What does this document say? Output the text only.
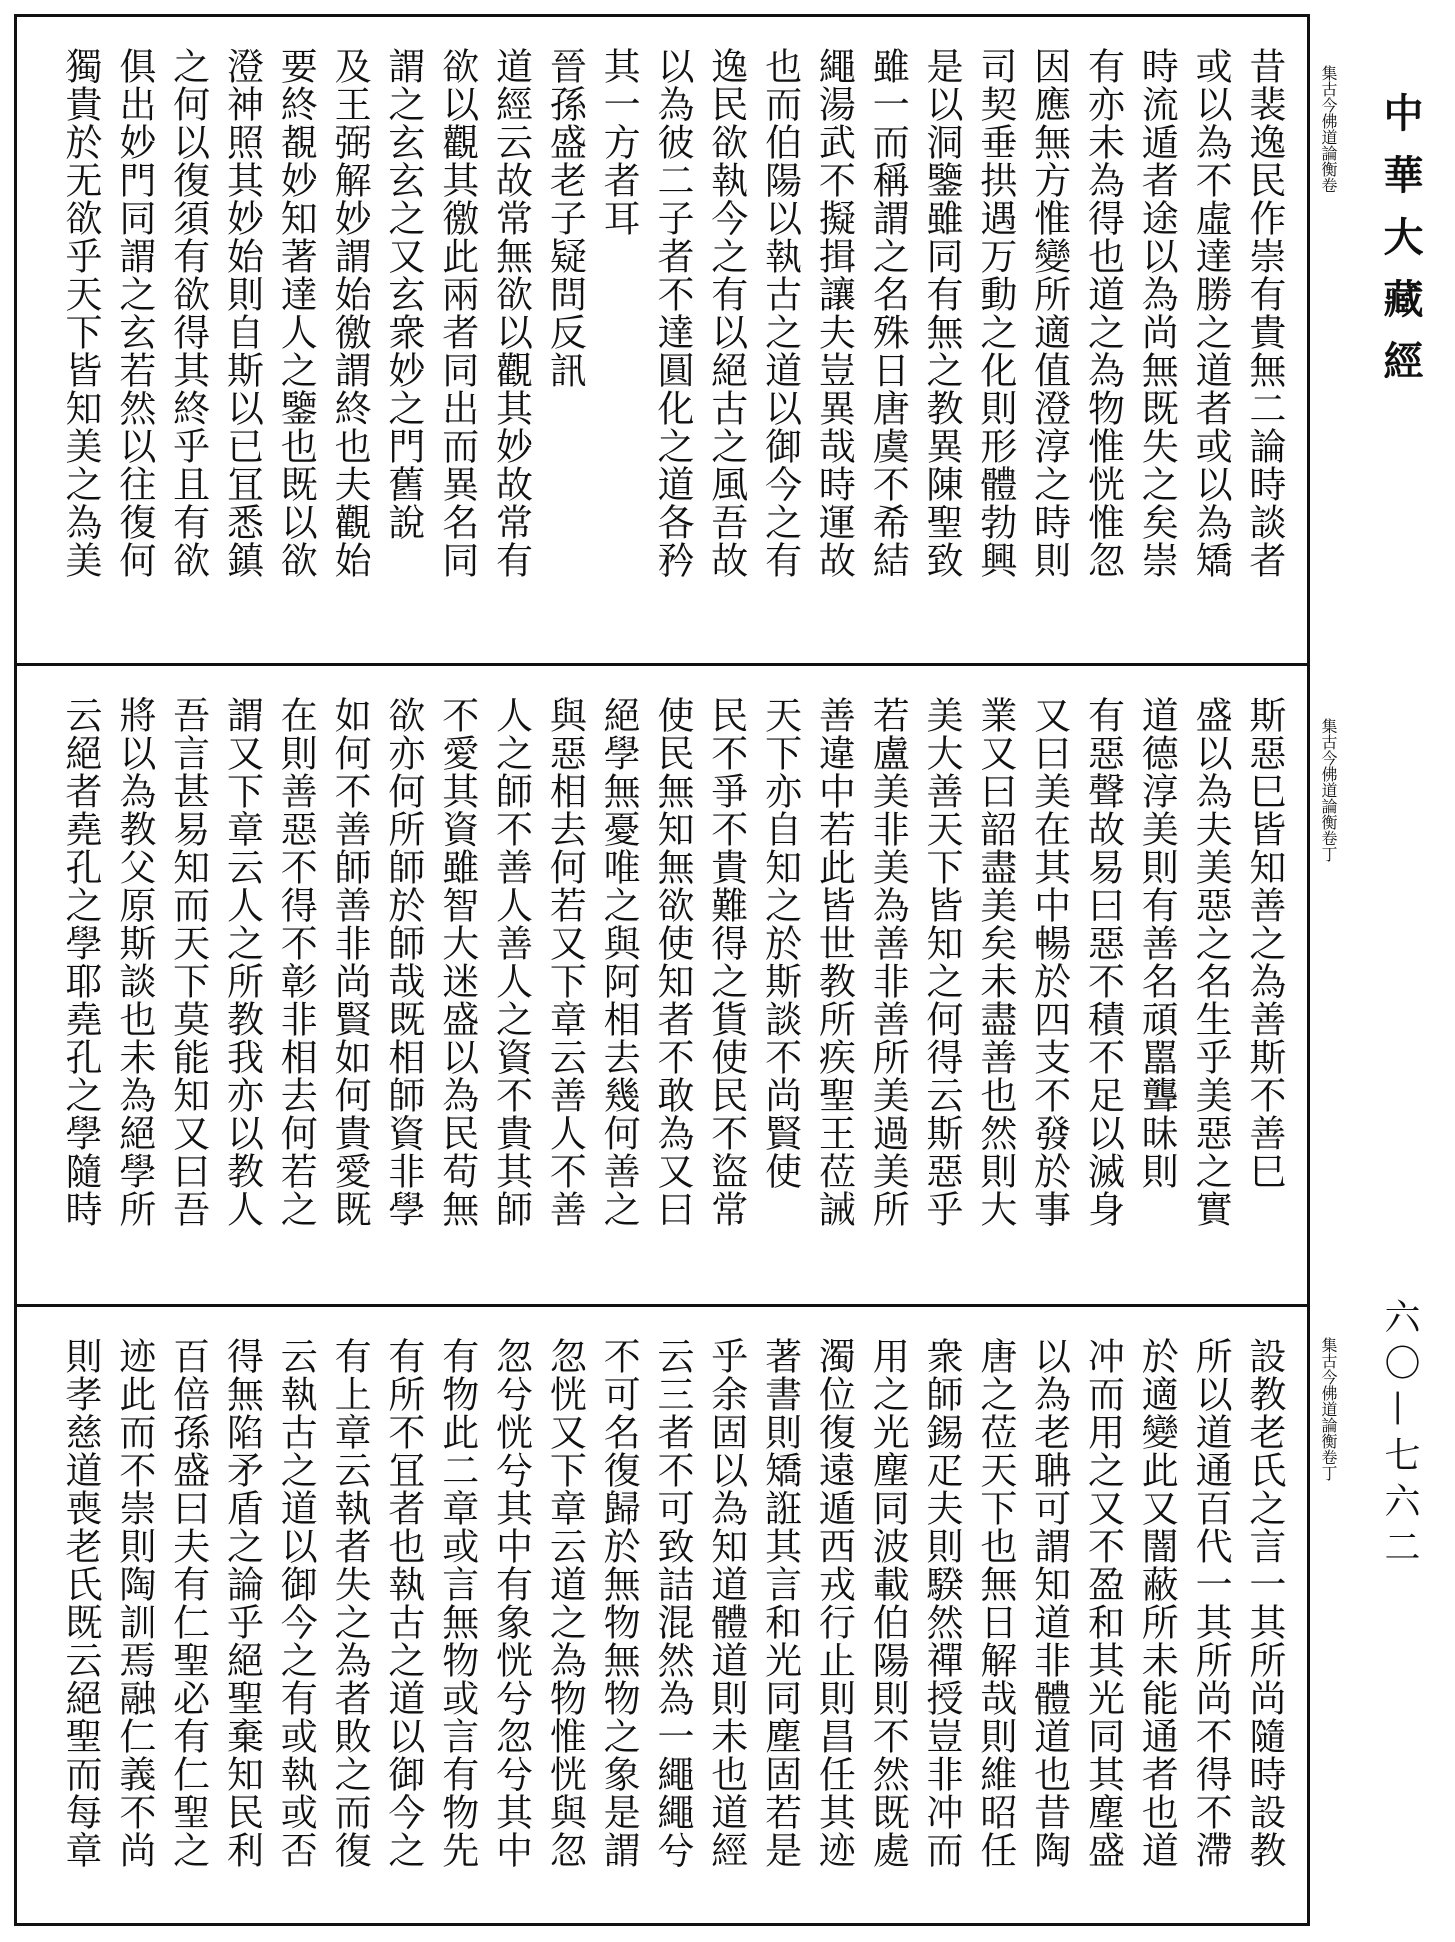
昔裴逸民作崇有貴無二論時談者
或以為不虛達勝之道者或以為矯
時流遁者途以為尚無既失之矣崇
有亦未為得也道之為物惟恍惟忽
因應無方惟變所適值澄淳之時則
司契垂拱遇万動之化則形體勃興
是以洞鑒雖同有無之教異陳聖致
雖一而稱謂之名殊日唐虞不希結
繩湯武不擬揖讓夫豈異哉時運故
也而伯陽以執古之道以御今之有
逸民欲執今之有以絕古之風吾故
以為彼二子者不達圓化之道各矜
其一方者耳
晉孫盛老子疑問反訊
道經云故常無欲以觀其妙故常有
欲以觀其徼此兩者同出而異名同
謂之玄玄之又玄衆妙之門舊說
及王弼解妙謂始徼謂終也夫觀始
要終覩妙知著達人之鑒也既以欲
澄神照其妙始則自斯以已冝悉鎮
之何以復須有欲得其終乎且有欲
俱出妙門同謂之玄若然以往復何
獨貴於无欲乎天下皆知美之為美	集古今佛道論衡卷
斯惡巳皆知善之為善斯不善巳
盛以為夫美惡之名生乎美惡之實
道德淳美則有善名頑嚚聾昧則
有惡聲故易曰惡不積不足以滅身
又曰美在其中暢於四支不發於事
業又曰韶盡美矣未盡善也然則大
美大善天下皆知之何得云斯惡乎
若盧美非美為善非善所美過美所
善違中若此皆世教所疾聖王莅誡
天下亦自知之於斯談不尚賢使
民不爭不貴難得之貨使民不盜常
使民無知無欲使知者不敢為又曰
絕學無憂唯之與阿相去幾何善之
與惡相去何若又下章云善人不善
人之師不善人善人之資不貴其師
不愛其資雖智大迷盛以為民苟無
欲亦何所師於師哉既相師資非學
如何不善師善非尚賢如何貴愛既
在則善惡不得不彰非相去何若之
謂又下章云人之所教我亦以教人
吾言甚易知而天下莫能知又曰吾
將以為教父原斯談也未為絕學所
云絕者堯孔之學耶堯孔之學隨時	集古今佛道論衡卷丁
設教老氏之言一其所尚隨時設教
所以道通百代一其所尚不得不滯
於適變此又闇蔽所未能通者也道
冲而用之又不盈和其光同其塵盛
以為老聃可謂知道非體道也昔陶
唐之莅天下也無日解哉則維昭任
衆師錫疋夫則騤然禪授豈非冲而
用之光塵同波載伯陽則不然既處
濁位復遠遁西戎行止則昌任其迹
著書則矯誑其言和光同塵固若是
乎余固以為知道體道則未也道經
云三者不可致詰混然為一繩繩兮
不可名復歸於無物無物之象是謂
忽恍又下章云道之為物惟恍與忽
忽兮恍兮其中有象恍兮忽兮其中
有物此二章或言無物或言有物先
有所不冝者也執古之道以御今之
有上章云執者失之為者敗之而復
云執古之道以御今之有或執或否
得無陷矛盾之論乎絕聖棄知民利
百倍孫盛曰夫有仁聖必有仁聖之
迹此而不崇則陶訓焉融仁義不尚
則孝慈道喪老氏既云絕聖而每章	集古今佛道論衡卷丁
中華大藏經
六〇—七六二
